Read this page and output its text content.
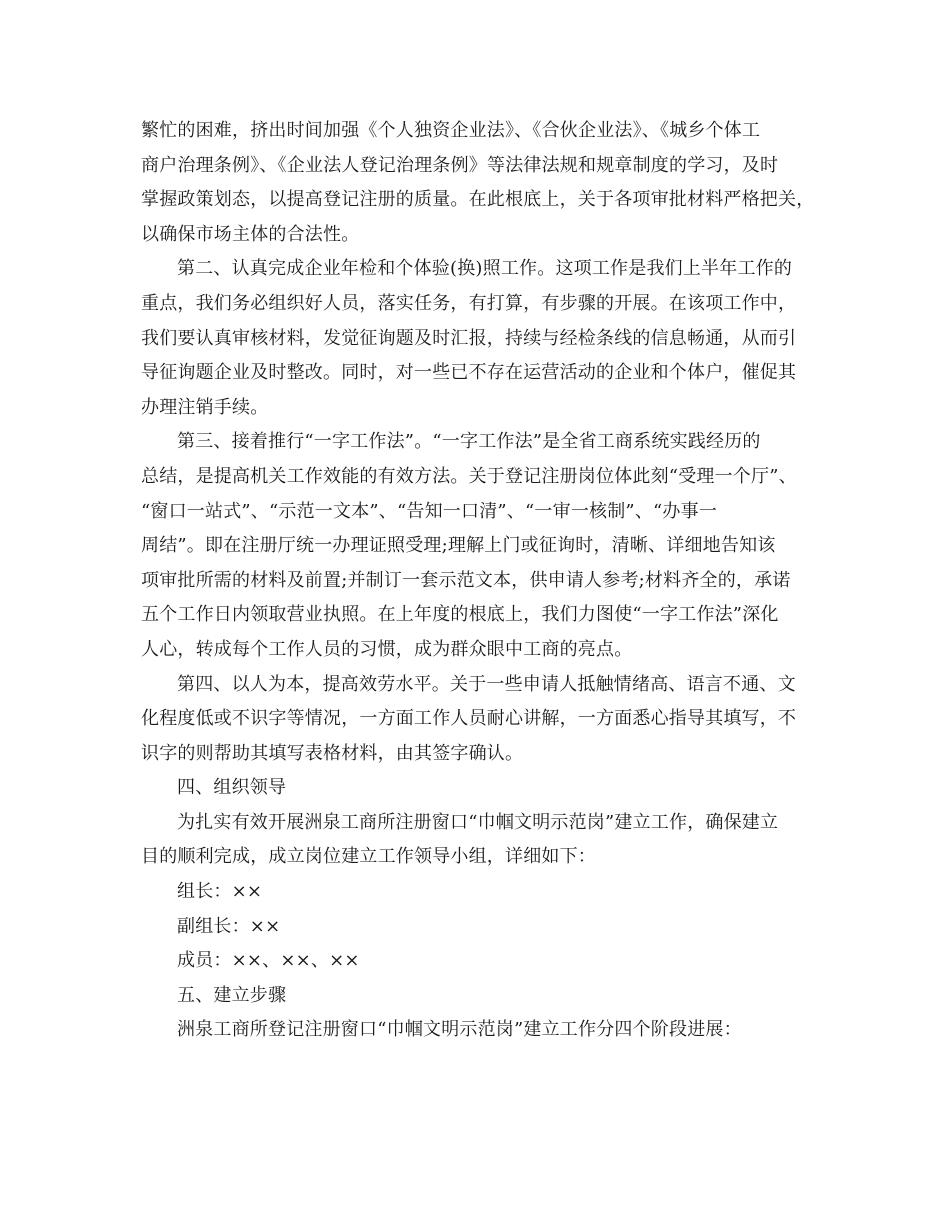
繁忙的困难，挤出时间加强《个人独资企业法》、《合伙企业法》、《城乡个体工
商户治理条例》、《企业法人登记治理条例》等法律法规和规章制度的学习，及时
掌握政策划态，以提高登记注册的质量。在此根底上，关于各项审批材料严格把关，
以确保市场主体的合法性。

第二、认真完成企业年检和个体验(换)照工作。这项工作是我们上半年工作的
重点，我们务必组织好人员，落实任务，有打算，有步骤的开展。在该项工作中，
我们要认真审核材料，发觉征询题及时汇报，持续与经检条线的信息畅通，从而引
导征询题企业及时整改。同时，对一些已不存在运营活动的企业和个体户，催促其
办理注销手续。

第三、接着推行“一字工作法”。“一字工作法”是全省工商系统实践经历的
总结，是提高机关工作效能的有效方法。关于登记注册岗位体此刻“受理一个厅”、
“窗口一站式”、“示范一文本”、“告知一口清”、“一审一核制”、“办事一
周结”。即在注册厅统一办理证照受理;理解上门或征询时，清晰、详细地告知该
项审批所需的材料及前置;并制订一套示范文本，供申请人参考;材料齐全的，承诺
五个工作日内领取营业执照。在上年度的根底上，我们力图使“一字工作法”深化
人心，转成每个工作人员的习惯，成为群众眼中工商的亮点。

第四、以人为本，提高效劳水平。关于一些申请人抵触情绪高、语言不通、文
化程度低或不识字等情况，一方面工作人员耐心讲解，一方面悉心指导其填写，不
识字的则帮助其填写表格材料，由其签字确认。

四、组织领导

为扎实有效开展洲泉工商所注册窗口“巾帼文明示范岗”建立工作，确保建立
目的顺利完成，成立岗位建立工作领导小组，详细如下：

组长：××

副组长：××

成员：××、××、××

五、建立步骤

洲泉工商所登记注册窗口“巾帼文明示范岗”建立工作分四个阶段进展：
